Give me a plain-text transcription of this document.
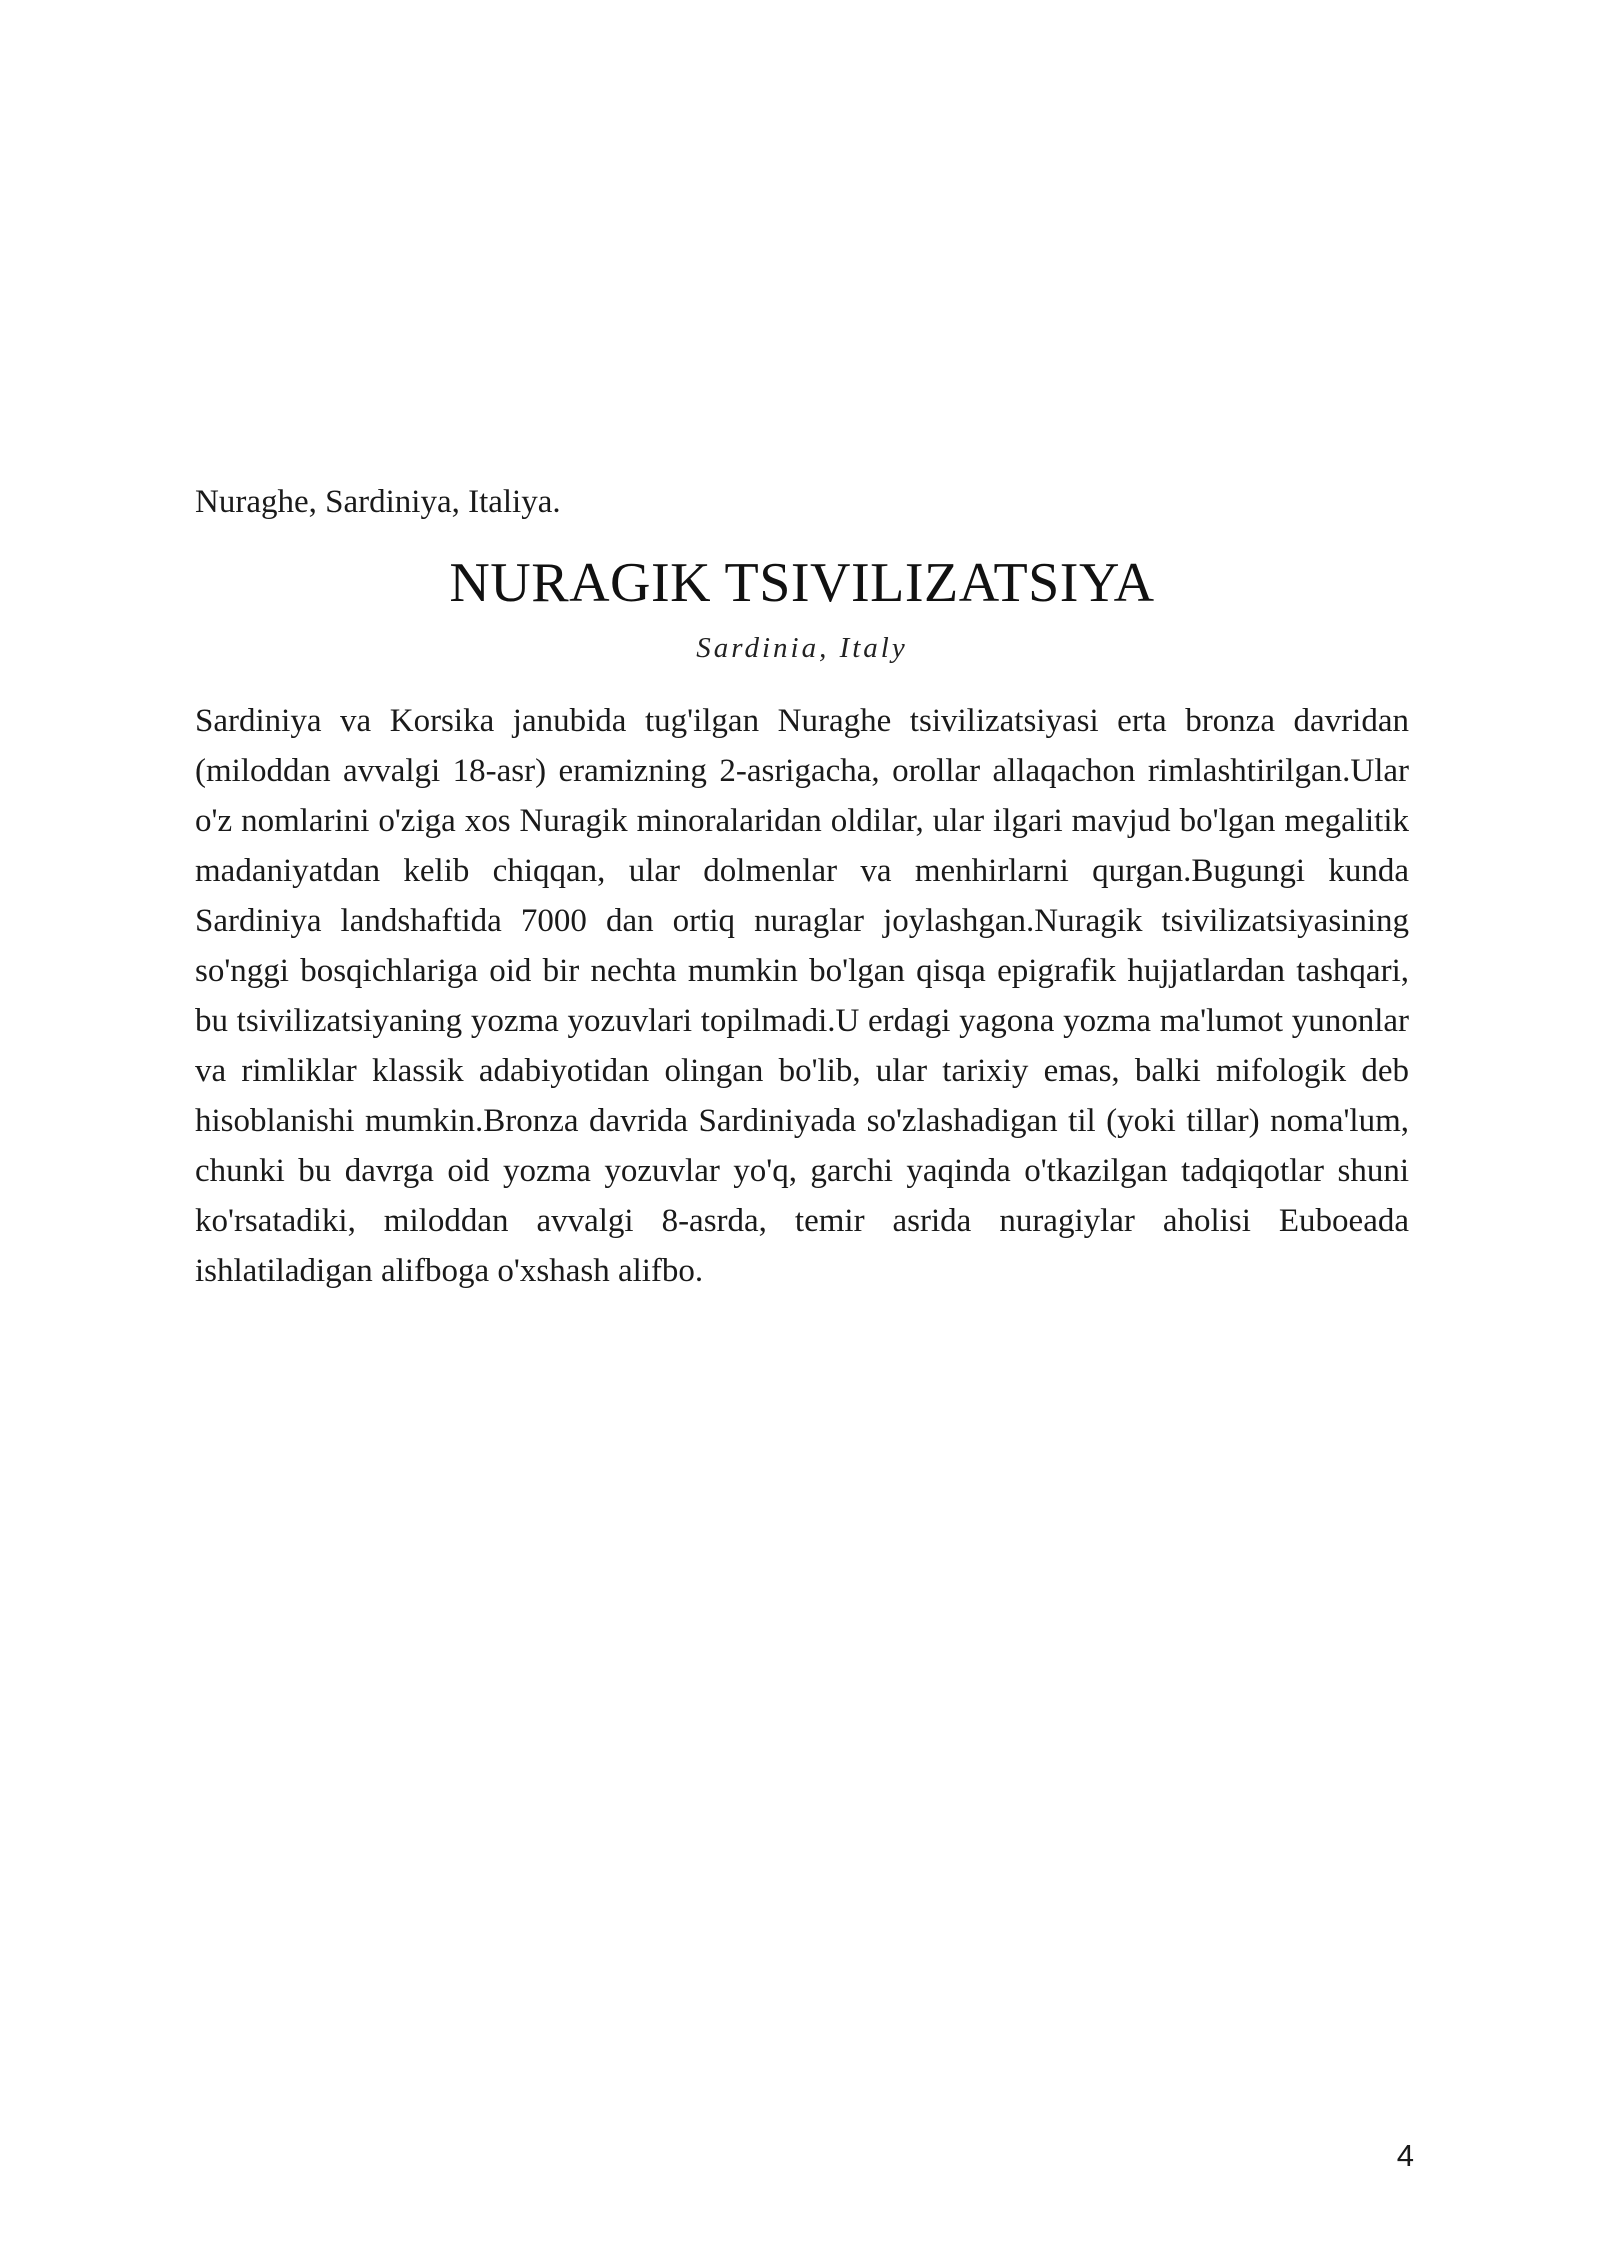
Nuraghe, Sardiniya, Italiya.

NURAGIK TSIVILIZATSIYA

Sardinia, Italy

Sardiniya va Korsika janubida tug'ilgan Nuraghe tsivilizatsiyasi erta bronza davridan (miloddan avvalgi 18-asr) eramizning 2-asrigacha, orollar allaqachon rimlashtirilgan.Ular o'z nomlarini o'ziga xos Nuragik minoralaridan oldilar, ular ilgari mavjud bo'lgan megalitik madaniyatdan kelib chiqqan, ular dolmenlar va menhirlarni qurgan.Bugungi kunda Sardiniya landshaftida 7000 dan ortiq nuraglar joylashgan.Nuragik tsivilizatsiyasining so'nggi bosqichlariga oid bir nechta mumkin bo'lgan qisqa epigrafik hujjatlardan tashqari, bu tsivilizatsiyaning yozma yozuvlari topilmadi.U erdagi yagona yozma ma'lumot yunonlar va rimliklar klassik adabiyotidan olingan bo'lib, ular tarixiy emas, balki mifologik deb hisoblanishi mumkin.Bronza davrida Sardiniyada so'zlashadigan til (yoki tillar) noma'lum, chunki bu davrga oid yozma yozuvlar yo'q, garchi yaqinda o'tkazilgan tadqiqotlar shuni ko'rsatadiki, miloddan avvalgi 8-asrda, temir asrida nuragiylar aholisi Euboeada ishlatiladigan alifboga o'xshash alifbo.

4
